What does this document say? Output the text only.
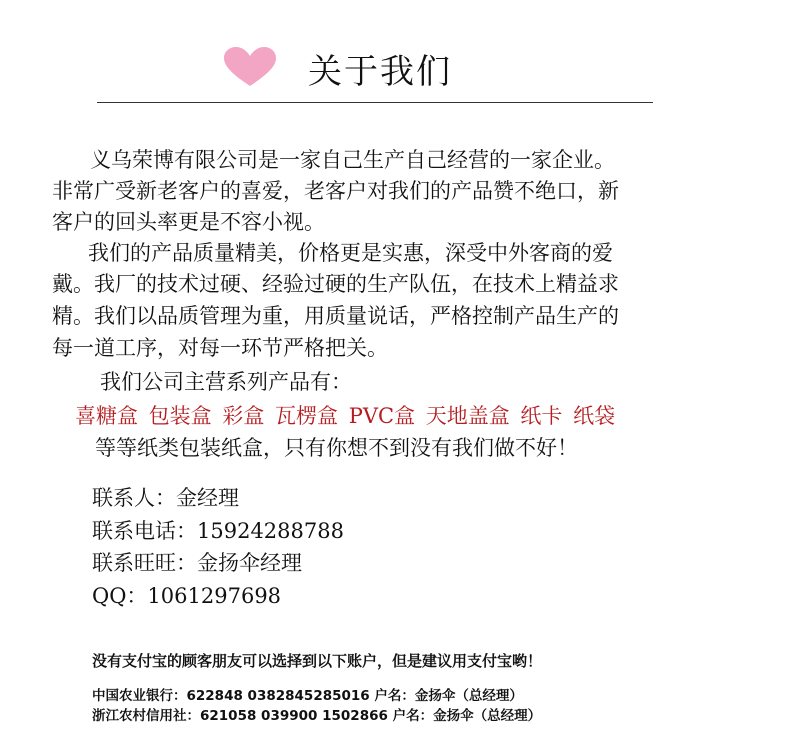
关于我们

义乌荣博有限公司是一家自己生产自己经营的一家企业。

非常广受新老客户的喜爱，老客户对我们的产品赞不绝口，新

客户的回头率更是不容小视。

我们的产品质量精美，价格更是实惠，深受中外客商的爱

戴。我厂的技术过硬、经验过硬的生产队伍，在技术上精益求

精。我们以品质管理为重，用质量说话，严格控制产品生产的

每一道工序，对每一环节严格把关。

我们公司主营系列产品有：

喜糖盒 包装盒 彩盒 瓦楞盒 PVC盒 天地盖盒 纸卡 纸袋
等等纸类包装纸盒，只有你想不到没有我们做不好！
联系人：金经理
联系电话：15924288788
联系旺旺：金扬伞经理
QQ：1061297698
没有支付宝的顾客朋友可以选择到以下账户，但是建议用支付宝哟！
中国农业银行：622848 0382845285016 户名：金扬伞（总经理）
浙江农村信用社：621058 039900 1502866 户名：金扬伞（总经理）
